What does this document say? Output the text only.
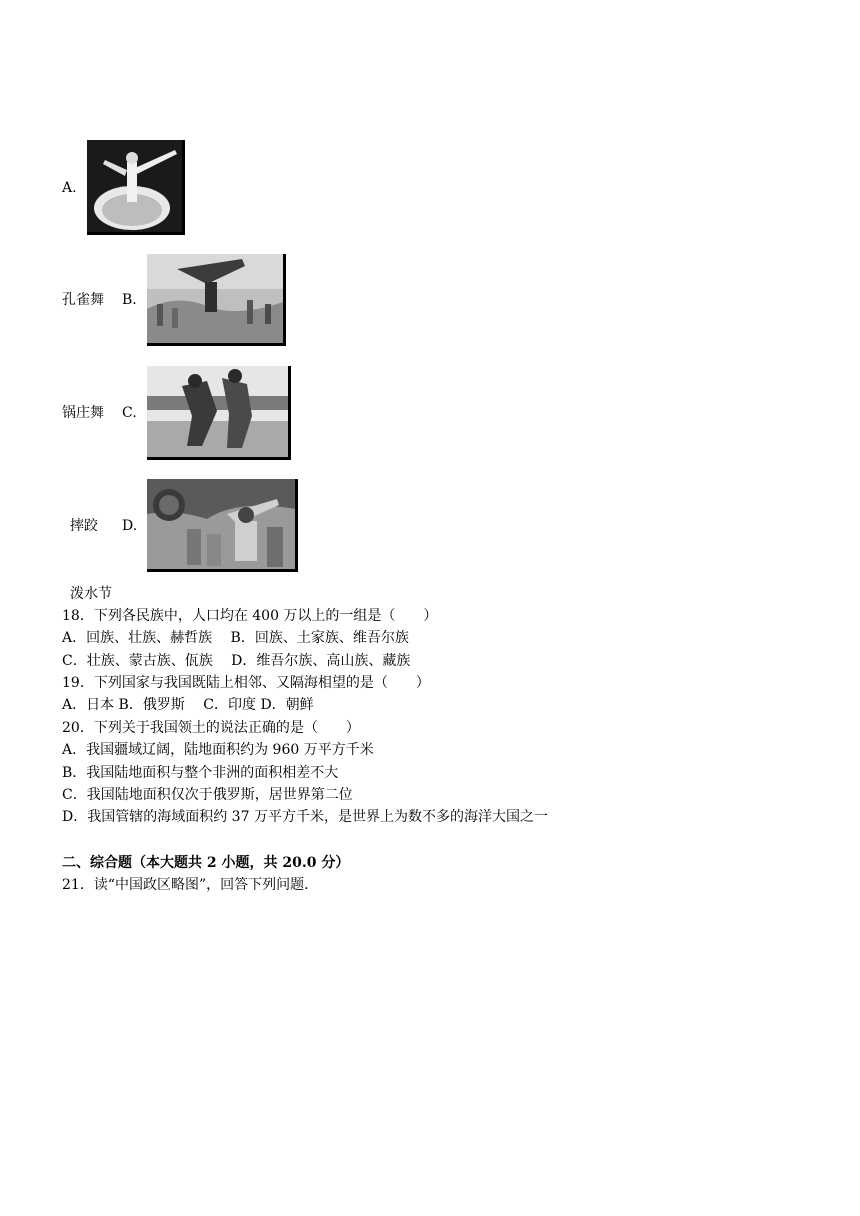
A.
孔雀舞 B.
锅庄舞 C.
摔跤 D.
泼水节
18．下列各民族中，人口均在 400 万以上的一组是（　　）
A．回族、壮族、赫哲族　 B．回族、土家族、维吾尔族
C．壮族、蒙古族、佤族　 D．维吾尔族、高山族、藏族
19．下列国家与我国既陆上相邻、又隔海相望的是（　　）
A．日本 B．俄罗斯　 C．印度 D．朝鲜
20．下列关于我国领土的说法正确的是（　　）
A．我国疆域辽阔，陆地面积约为 960 万平方千米
B．我国陆地面积与整个非洲的面积相差不大
C．我国陆地面积仅次于俄罗斯，居世界第二位
D．我国管辖的海域面积约 37 万平方千米，是世界上为数不多的海洋大国之一
二、综合题（本大题共 2 小题，共 20.0 分）
21．读“中国政区略图”，回答下列问题．
